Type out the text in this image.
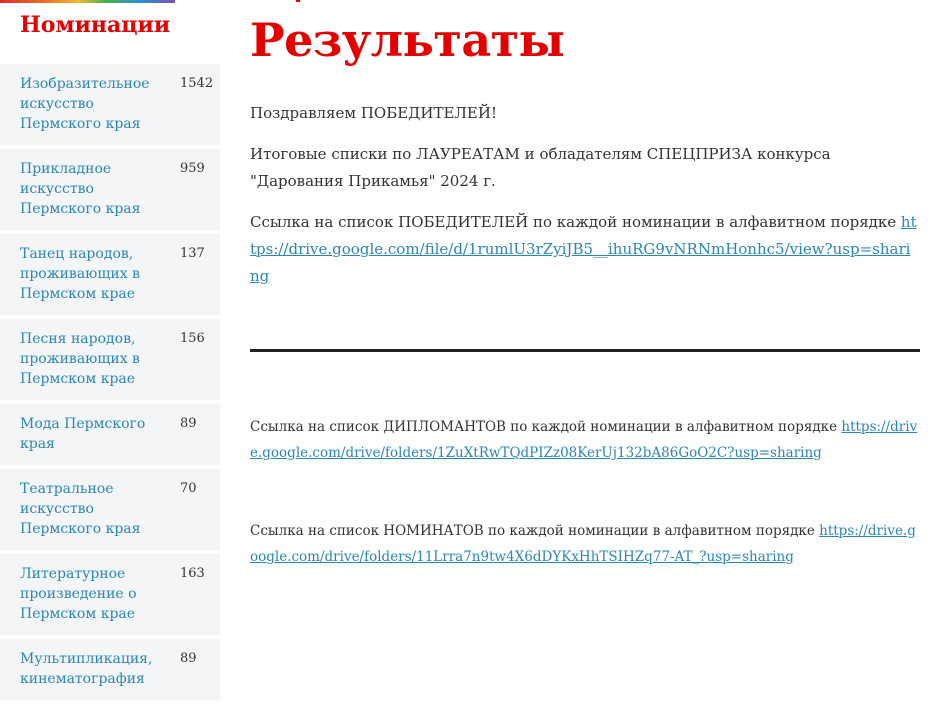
Номинации
Изобразительное искусство Пермского края
1542
Прикладное искусство Пермского края
959
Танец народов, проживающих в Пермском крае
137
Песня народов, проживающих в Пермском крае
156
Мода Пермского края
89
Театральное искусство Пермского края
70
Литературное произведение о Пермском крае
163
Мультипликация, кинематография
89
Результаты

Поздравляем ПОБЕДИТЕЛЕЙ!

Итоговые списки по ЛАУРЕАТАМ и обладателям СПЕЦПРИЗА конкурса "Дарования Прикамья" 2024 г.

Ссылка на список ПОБЕДИТЕЛЕЙ по каждой номинации в алфавитном порядке https://drive.google.com/file/d/1rumlU3rZyiJB5__ihuRG9vNRNmHonhc5/view?usp=sharing

Ссылка на список ДИПЛОМАНТОВ по каждой номинации в алфавитном порядке https://drive.google.com/drive/folders/1ZuXtRwTQdPIZz08KerUj132bA86GoO2C?usp=sharing

Ссылка на список НОМИНАТОВ по каждой номинации в алфавитном порядке https://drive.google.com/drive/folders/11Lrra7n9tw4X6dDYKxHhTSIHZq77-AT_?usp=sharing
